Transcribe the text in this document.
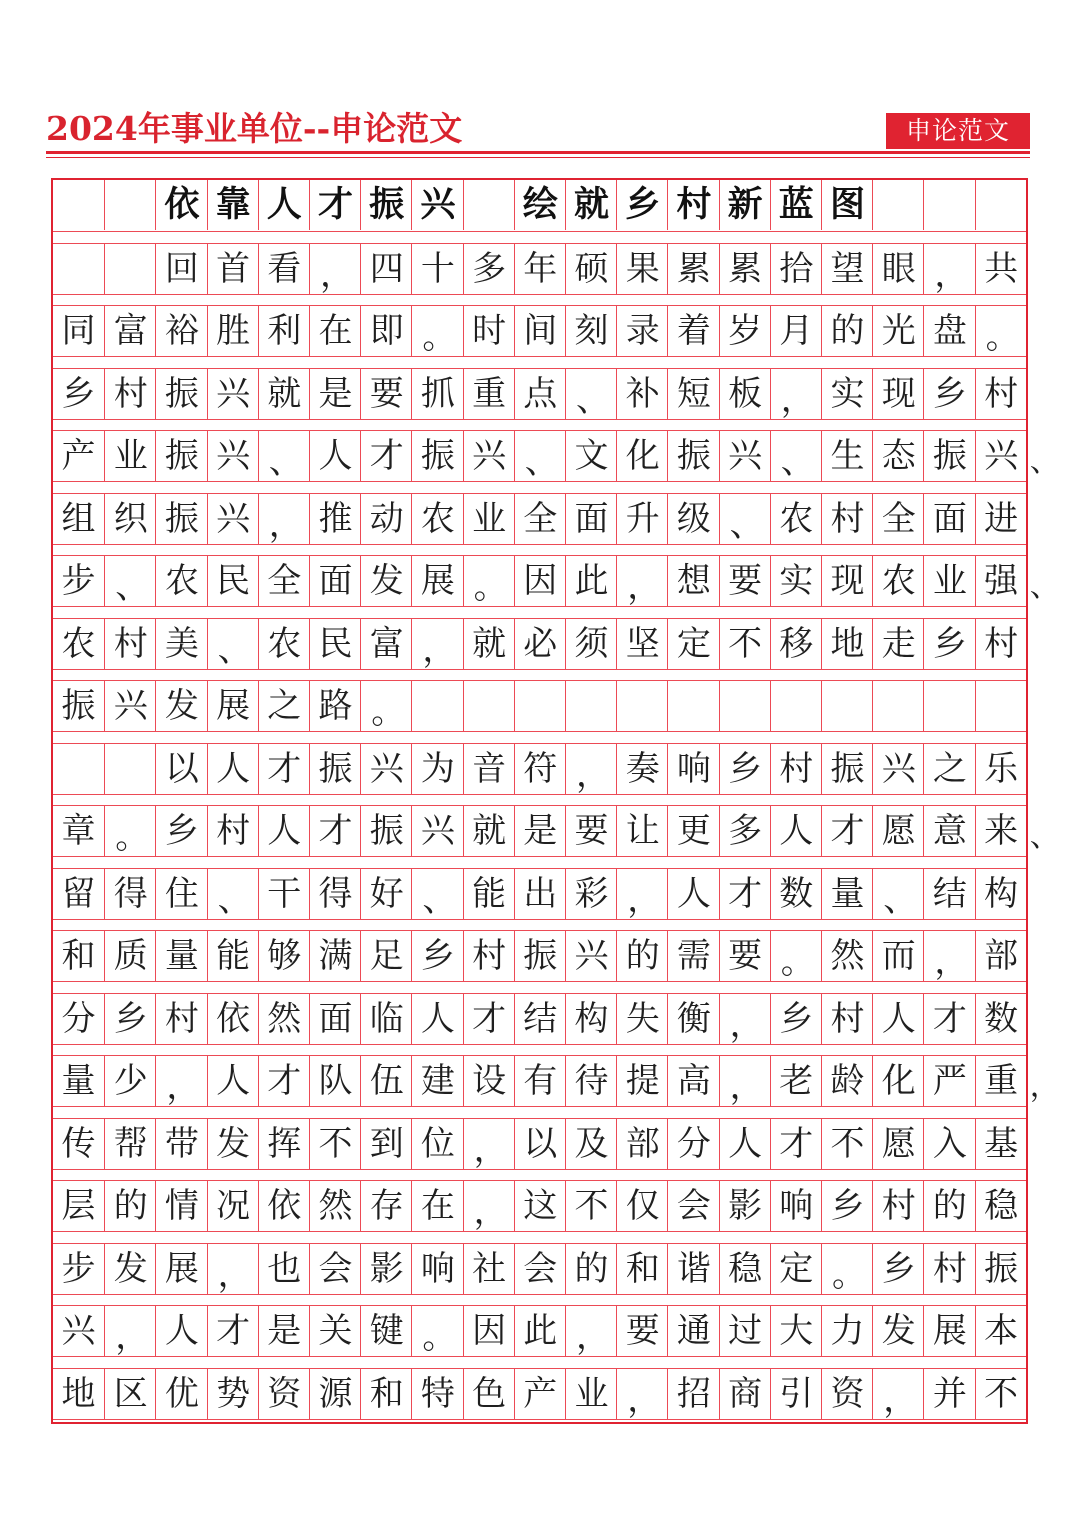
2024年事业单位--申论范文	申论范文
依 靠 人 才 振 兴 绘 就 乡 村 新 蓝 图
回 首 看 ， 四 十 多 年 硕 果 累 累 拾 望 眼 ， 共
同 富 裕 胜 利 在 即 。 时 间 刻 录 着 岁 月 的 光 盘 。
乡 村 振 兴 就 是 要 抓 重 点 、 补 短 板 ， 实 现 乡 村
产 业 振 兴 、 人 才 振 兴 、 文 化 振 兴 、 生 态 振 兴 、
组 织 振 兴 ， 推 动 农 业 全 面 升 级 、 农 村 全 面 进
步 、 农 民 全 面 发 展 。 因 此 ， 想 要 实 现 农 业 强 、
农 村 美 、 农 民 富 ， 就 必 须 坚 定 不 移 地 走 乡 村
振 兴 发 展 之 路 。
以 人 才 振 兴 为 音 符 ， 奏 响 乡 村 振 兴 之 乐
章 。 乡 村 人 才 振 兴 就 是 要 让 更 多 人 才 愿 意 来 、
留 得 住 、 干 得 好 、 能 出 彩 ， 人 才 数 量 、 结 构
和 质 量 能 够 满 足 乡 村 振 兴 的 需 要 。 然 而 ， 部
分 乡 村 依 然 面 临 人 才 结 构 失 衡 ， 乡 村 人 才 数
量 少 ， 人 才 队 伍 建 设 有 待 提 高 ， 老 龄 化 严 重 ，
传 帮 带 发 挥 不 到 位 ， 以 及 部 分 人 才 不 愿 入 基
层 的 情 况 依 然 存 在 ， 这 不 仅 会 影 响 乡 村 的 稳
步 发 展 ， 也 会 影 响 社 会 的 和 谐 稳 定 。 乡 村 振
兴 ， 人 才 是 关 键 。 因 此 ， 要 通 过 大 力 发 展 本
地 区 优 势 资 源 和 特 色 产 业 ， 招 商 引 资 ， 并 不
